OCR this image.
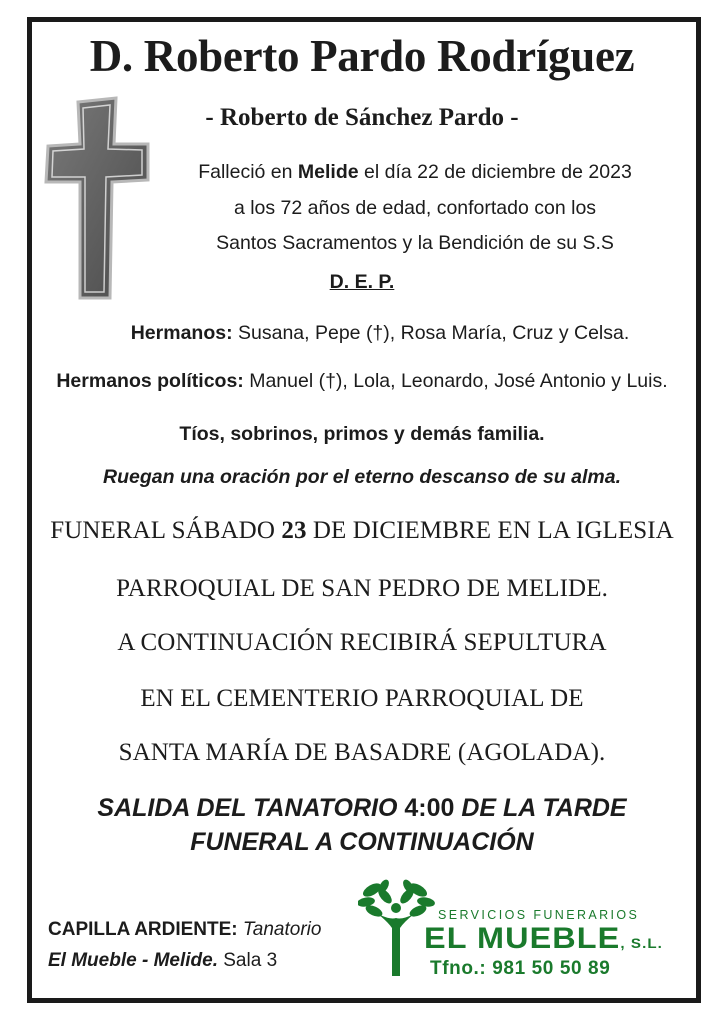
D. Roberto Pardo Rodríguez
- Roberto de Sánchez Pardo -
Falleció en Melide el día 22 de diciembre de 2023
a los 72 años de edad, confortado con los
Santos Sacramentos y la Bendición de su S.S
D. E. P.
Hermanos: Susana, Pepe (†), Rosa María, Cruz y Celsa.
Hermanos políticos: Manuel (†), Lola, Leonardo, José Antonio y Luis.
Tíos, sobrinos, primos y demás familia.
Ruegan una oración por el eterno descanso de su alma.
FUNERAL SÁBADO 23 DE DICIEMBRE EN LA IGLESIA
PARROQUIAL DE SAN PEDRO DE MELIDE.
A CONTINUACIÓN RECIBIRÁ SEPULTURA
EN EL CEMENTERIO PARROQUIAL DE
SANTA MARÍA DE BASADRE (AGOLADA).
SALIDA DEL TANATORIO 4:00 DE LA TARDE
FUNERAL A CONTINUACIÓN
CAPILLA ARDIENTE: Tanatorio
El Mueble - Melide. Sala 3
SERVICIOS FUNERARIOS
EL MUEBLE, S.L.
Tfno.: 981 50 50 89
